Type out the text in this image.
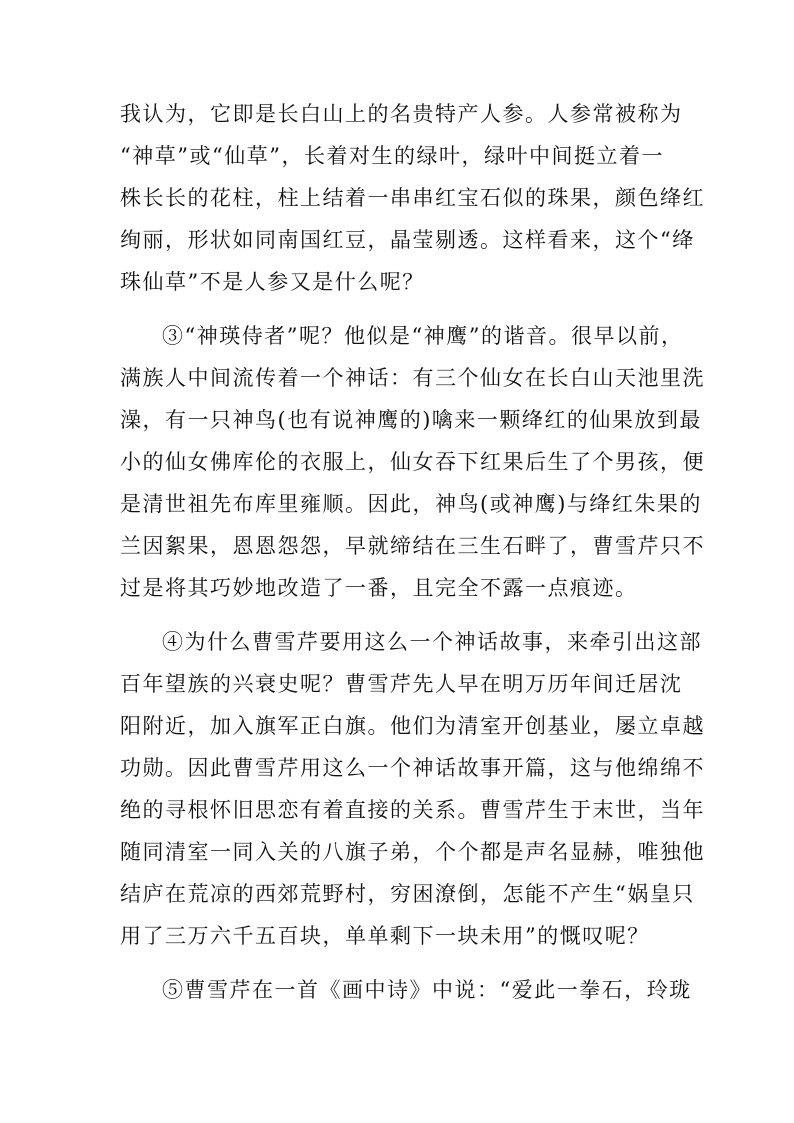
我认为，它即是长白山上的名贵特产人参。人参常被称为
“神草”或“仙草”，长着对生的绿叶，绿叶中间挺立着一
株长长的花柱，柱上结着一串串红宝石似的珠果，颜色绛红
绚丽，形状如同南国红豆，晶莹剔透。这样看来，这个“绛
珠仙草”不是人参又是什么呢？
③“神瑛侍者”呢？他似是“神鹰”的谐音。很早以前，
满族人中间流传着一个神话：有三个仙女在长白山天池里洗
澡，有一只神鸟(也有说神鹰的)噙来一颗绛红的仙果放到最
小的仙女佛库伦的衣服上，仙女吞下红果后生了个男孩，便
是清世祖先布库里雍顺。因此，神鸟(或神鹰)与绛红朱果的
兰因絮果，恩恩怨怨，早就缔结在三生石畔了，曹雪芹只不
过是将其巧妙地改造了一番，且完全不露一点痕迹。
④为什么曹雪芹要用这么一个神话故事，来牵引出这部
百年望族的兴衰史呢？曹雪芹先人早在明万历年间迁居沈
阳附近，加入旗军正白旗。他们为清室开创基业，屡立卓越
功勋。因此曹雪芹用这么一个神话故事开篇，这与他绵绵不
绝的寻根怀旧思恋有着直接的关系。曹雪芹生于末世，当年
随同清室一同入关的八旗子弟，个个都是声名显赫，唯独他
结庐在荒凉的西郊荒野村，穷困潦倒，怎能不产生“娲皇只
用了三万六千五百块，单单剩下一块未用”的慨叹呢？
⑤曹雪芹在一首《画中诗》中说：“爱此一拳石，玲珑
